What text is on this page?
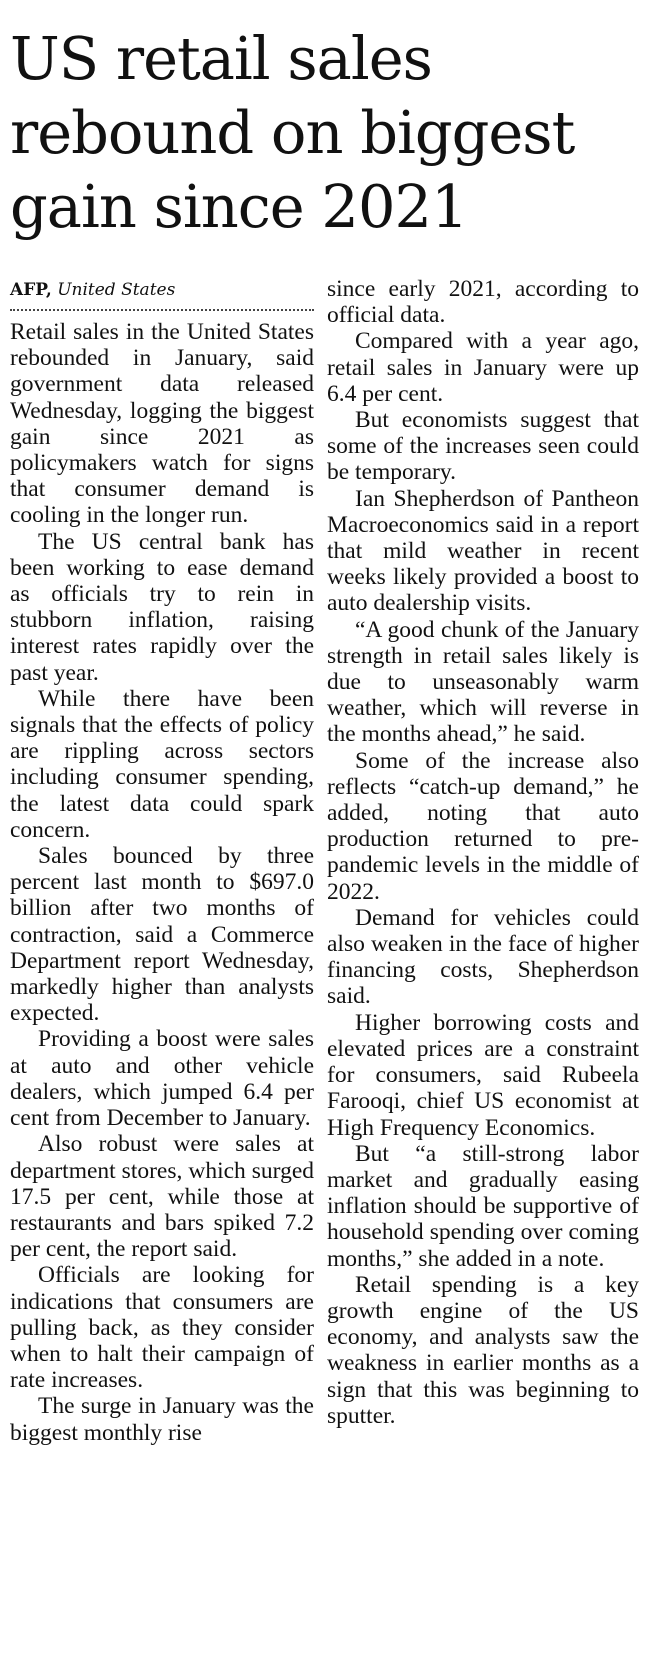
US retail sales rebound on biggest gain since 2021
AFP, United States

Retail sales in the United States rebounded in January, said government data released Wednesday, logging the biggest gain since 2021 as policymakers watch for signs that consumer demand is cooling in the longer run.

The US central bank has been working to ease demand as officials try to rein in stubborn inflation, raising interest rates rapidly over the past year.

While there have been signals that the effects of policy are rippling across sectors including consumer spending, the latest data could spark concern.

Sales bounced by three percent last month to $697.0 billion after two months of contraction, said a Commerce Department report Wednesday, markedly higher than analysts expected.

Providing a boost were sales at auto and other vehicle dealers, which jumped 6.4 per cent from December to January.

Also robust were sales at department stores, which surged 17.5 per cent, while those at restaurants and bars spiked 7.2 per cent, the report said.

Officials are looking for indications that consumers are pulling back, as they consider when to halt their campaign of rate increases.

The surge in January was the biggest monthly rise

since early 2021, according to official data.

Compared with a year ago, retail sales in January were up 6.4 per cent.

But economists suggest that some of the increases seen could be temporary.

Ian Shepherdson of Pantheon Macroeconomics said in a report that mild weather in recent weeks likely provided a boost to auto dealership visits.

“A good chunk of the January strength in retail sales likely is due to unseasonably warm weather, which will reverse in the months ahead,” he said.

Some of the increase also reflects “catch-up demand,” he added, noting that auto production returned to pre-pandemic levels in the middle of 2022.

Demand for vehicles could also weaken in the face of higher financing costs, Shepherdson said.

Higher borrowing costs and elevated prices are a constraint for consumers, said Rubeela Farooqi, chief US economist at High Frequency Economics.

But “a still-strong labor market and gradually easing inflation should be supportive of household spending over coming months,” she added in a note.

Retail spending is a key growth engine of the US economy, and analysts saw the weakness in earlier months as a sign that this was beginning to sputter.
